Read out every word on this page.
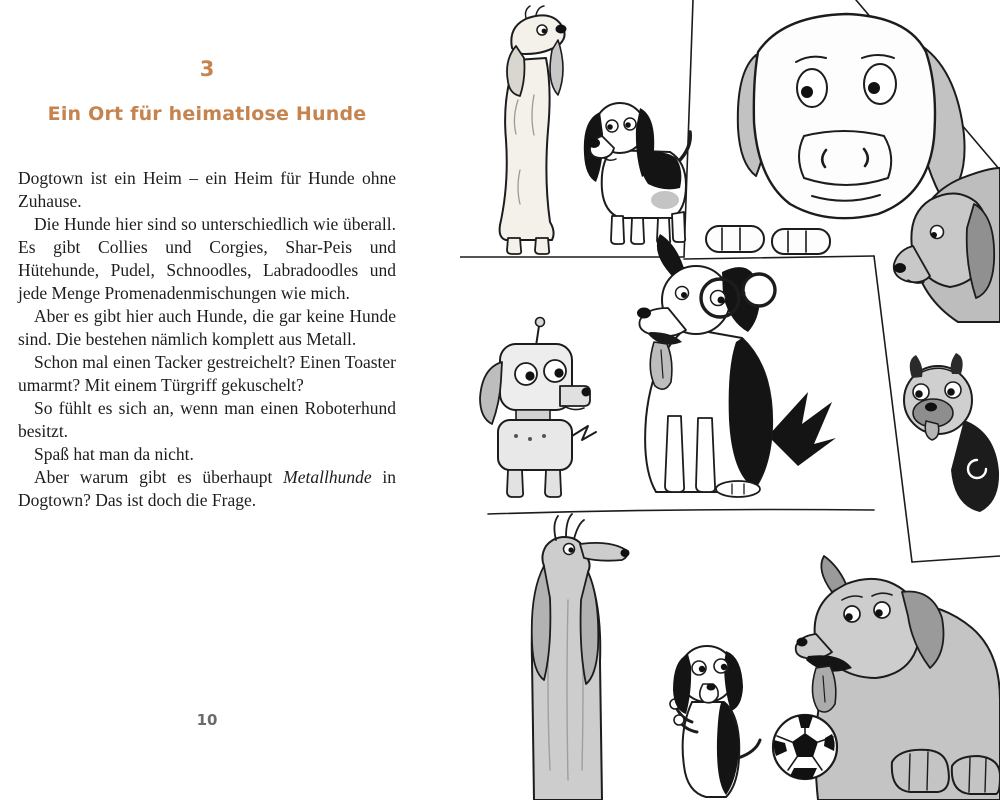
3
Ein Ort für heimatlose Hunde

Dogtown ist ein Heim – ein Heim für Hunde ohne Zuhause.

Die Hunde hier sind so unterschiedlich wie überall. Es gibt Collies und Corgies, Shar-Peis und Hütehunde, Pudel, Schnoodles, Labradoodles und jede Menge Promenadenmischungen wie mich.

Aber es gibt hier auch Hunde, die gar keine Hunde sind. Die bestehen nämlich komplett aus Metall.

Schon mal einen Tacker gestreichelt? Einen Toaster umarmt? Mit einem Türgriff gekuschelt?

So fühlt es sich an, wenn man einen Roboterhund besitzt.

Spaß hat man da nicht.

Aber warum gibt es überhaupt Metallhunde in Dogtown? Das ist doch die Frage.

10
